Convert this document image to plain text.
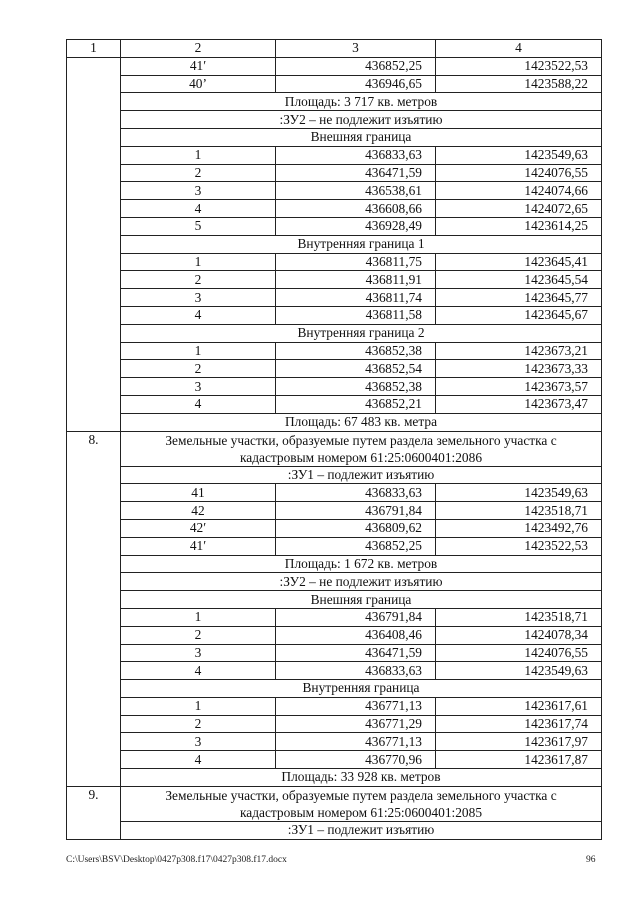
1	2	3	4
	41′	436852,25	1423522,53
	40’	436946,65	1423588,22
	Площадь: 3 717 кв. метров		
	:ЗУ2 – не подлежит изъятию		
	Внешняя граница		
	1	436833,63	1423549,63
	2	436471,59	1424076,55
	3	436538,61	1424074,66
	4	436608,66	1424072,65
	5	436928,49	1423614,25
	Внутренняя граница 1		
	1	436811,75	1423645,41
	2	436811,91	1423645,54
	3	436811,74	1423645,77
	4	436811,58	1423645,67
	Внутренняя граница 2		
	1	436852,38	1423673,21
	2	436852,54	1423673,33
	3	436852,38	1423673,57
	4	436852,21	1423673,47
	Площадь: 67 483 кв. метра		
8.	Земельные участки, образуемые путем раздела земельного участка с кадастровым номером 61:25:0600401:2086		
	:ЗУ1 – подлежит изъятию		
	41	436833,63	1423549,63
	42	436791,84	1423518,71
	42′	436809,62	1423492,76
	41′	436852,25	1423522,53
	Площадь: 1 672 кв. метров		
	:ЗУ2 – не подлежит изъятию		
	Внешняя граница		
	1	436791,84	1423518,71
	2	436408,46	1424078,34
	3	436471,59	1424076,55
	4	436833,63	1423549,63
	Внутренняя граница		
	1	436771,13	1423617,61
	2	436771,29	1423617,74
	3	436771,13	1423617,97
	4	436770,96	1423617,87
	Площадь: 33 928 кв. метров		
9.	Земельные участки, образуемые путем раздела земельного участка с кадастровым номером 61:25:0600401:2085		
	:ЗУ1 – подлежит изъятию		
C:\Users\BSV\Desktop\0427p308.f17\0427p308.f17.docx	96
